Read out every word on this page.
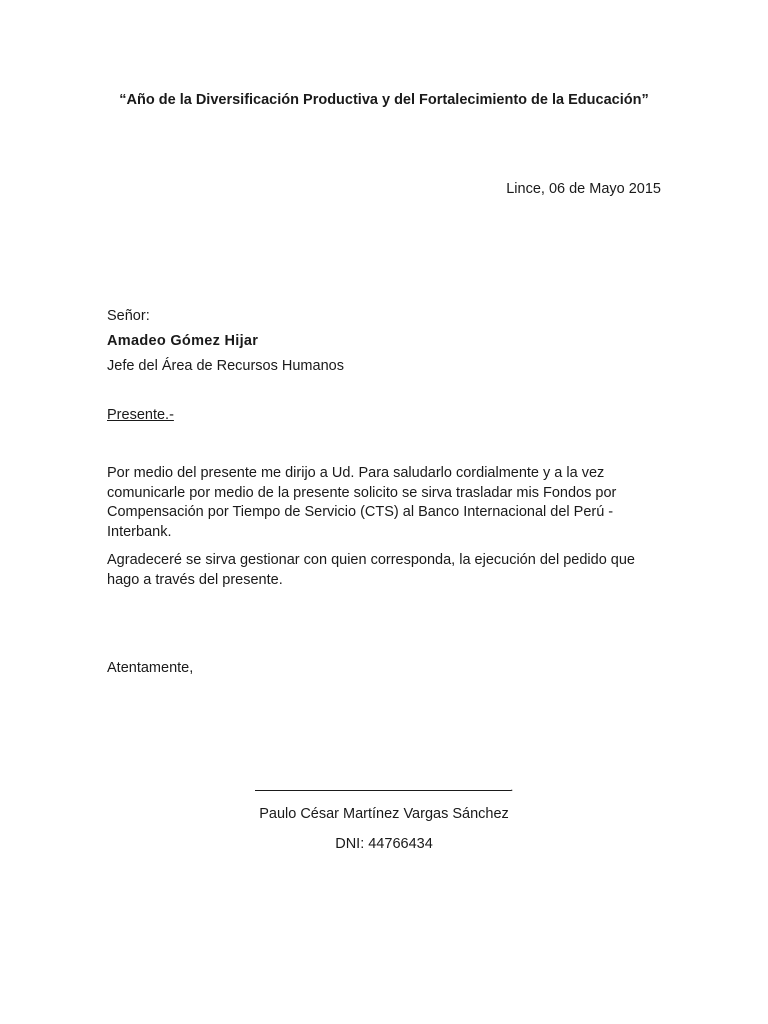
“Año de la Diversificación Productiva y del Fortalecimiento de la Educación”
Lince, 06 de Mayo 2015
Señor:
Amadeo Gómez Hijar
Jefe del Área de Recursos Humanos
Presente.-
Por medio del presente me dirijo a Ud. Para saludarlo cordialmente y a la vez comunicarle por medio de la presente solicito se sirva trasladar mis Fondos por Compensación por Tiempo de Servicio (CTS) al Banco Internacional del Perú - Interbank.
Agradeceré se sirva gestionar con quien corresponda, la ejecución del pedido que hago a través del presente.
Atentamente,
.
Paulo César Martínez Vargas Sánchez
DNI: 44766434
